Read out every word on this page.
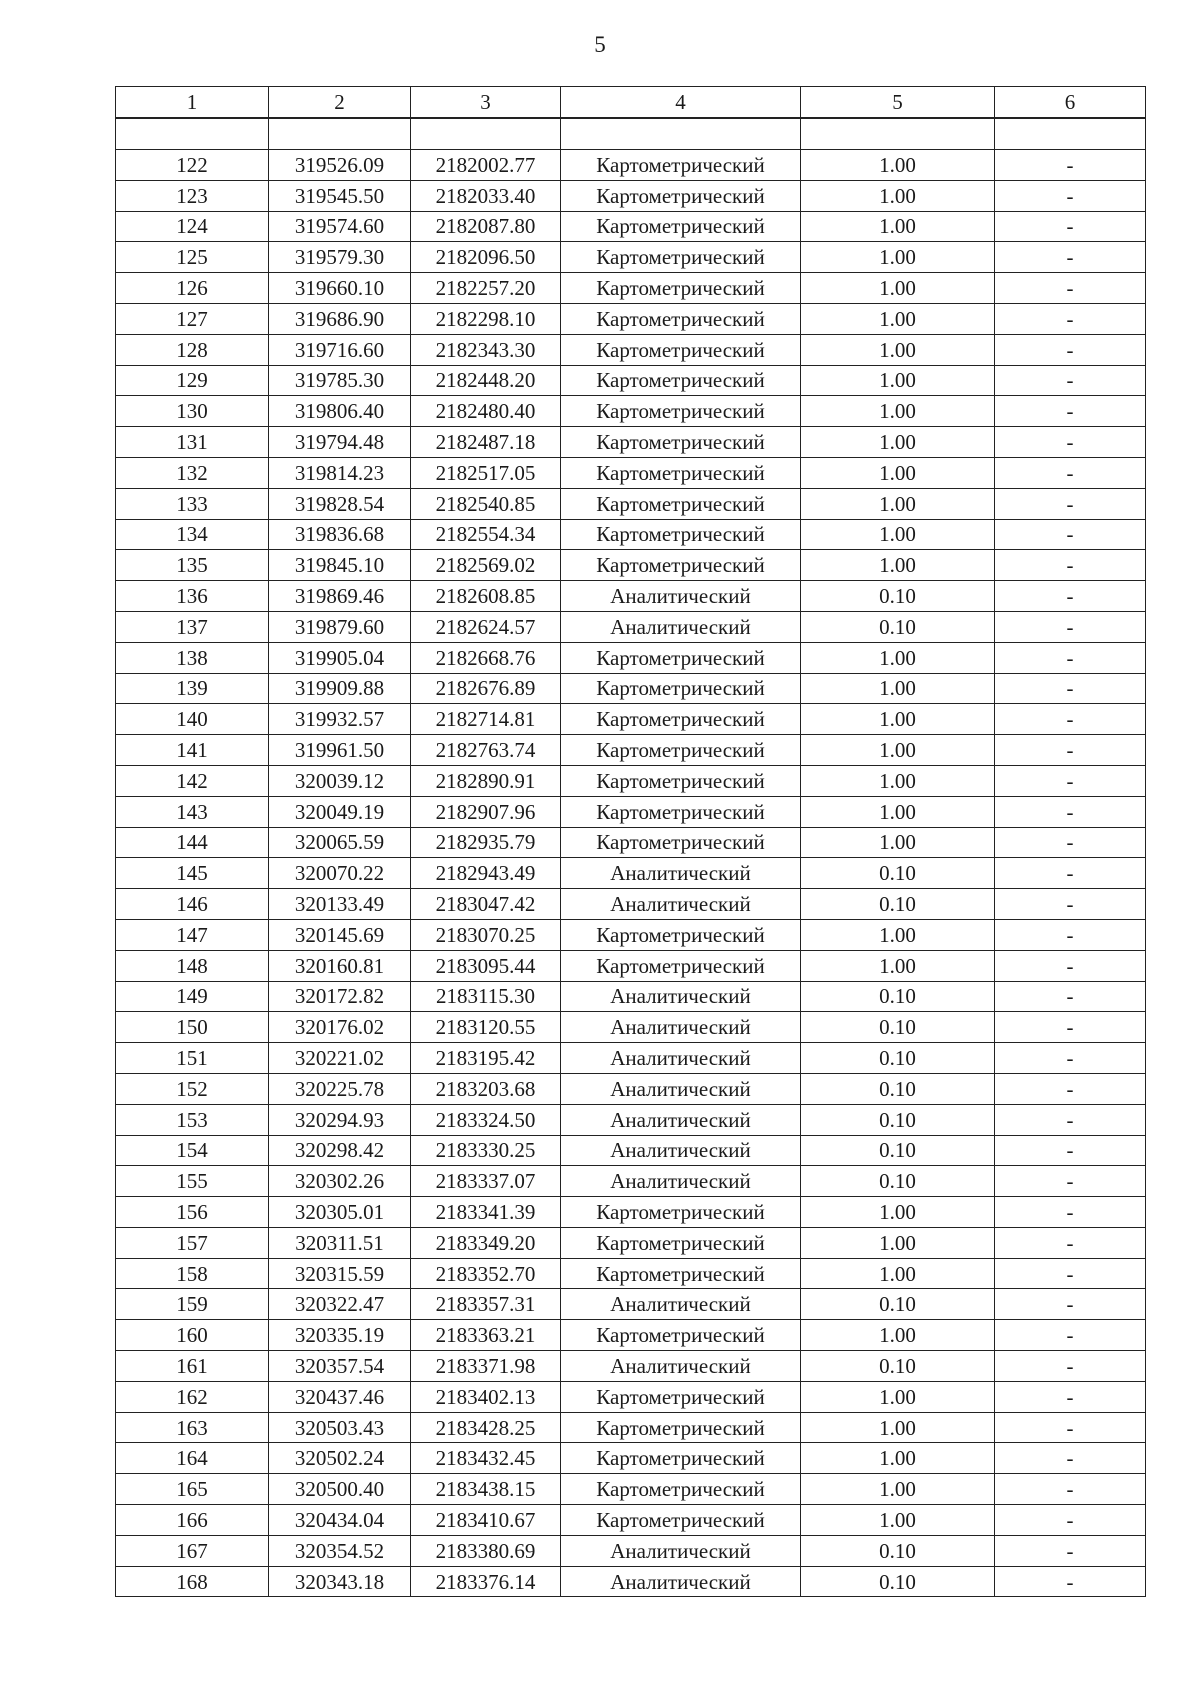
5
1	2	3	4	5	6

122	319526.09	2182002.77	Картометрический	1.00	-
123	319545.50	2182033.40	Картометрический	1.00	-
124	319574.60	2182087.80	Картометрический	1.00	-
125	319579.30	2182096.50	Картометрический	1.00	-
126	319660.10	2182257.20	Картометрический	1.00	-
127	319686.90	2182298.10	Картометрический	1.00	-
128	319716.60	2182343.30	Картометрический	1.00	-
129	319785.30	2182448.20	Картометрический	1.00	-
130	319806.40	2182480.40	Картометрический	1.00	-
131	319794.48	2182487.18	Картометрический	1.00	-
132	319814.23	2182517.05	Картометрический	1.00	-
133	319828.54	2182540.85	Картометрический	1.00	-
134	319836.68	2182554.34	Картометрический	1.00	-
135	319845.10	2182569.02	Картометрический	1.00	-
136	319869.46	2182608.85	Аналитический	0.10	-
137	319879.60	2182624.57	Аналитический	0.10	-
138	319905.04	2182668.76	Картометрический	1.00	-
139	319909.88	2182676.89	Картометрический	1.00	-
140	319932.57	2182714.81	Картометрический	1.00	-
141	319961.50	2182763.74	Картометрический	1.00	-
142	320039.12	2182890.91	Картометрический	1.00	-
143	320049.19	2182907.96	Картометрический	1.00	-
144	320065.59	2182935.79	Картометрический	1.00	-
145	320070.22	2182943.49	Аналитический	0.10	-
146	320133.49	2183047.42	Аналитический	0.10	-
147	320145.69	2183070.25	Картометрический	1.00	-
148	320160.81	2183095.44	Картометрический	1.00	-
149	320172.82	2183115.30	Аналитический	0.10	-
150	320176.02	2183120.55	Аналитический	0.10	-
151	320221.02	2183195.42	Аналитический	0.10	-
152	320225.78	2183203.68	Аналитический	0.10	-
153	320294.93	2183324.50	Аналитический	0.10	-
154	320298.42	2183330.25	Аналитический	0.10	-
155	320302.26	2183337.07	Аналитический	0.10	-
156	320305.01	2183341.39	Картометрический	1.00	-
157	320311.51	2183349.20	Картометрический	1.00	-
158	320315.59	2183352.70	Картометрический	1.00	-
159	320322.47	2183357.31	Аналитический	0.10	-
160	320335.19	2183363.21	Картометрический	1.00	-
161	320357.54	2183371.98	Аналитический	0.10	-
162	320437.46	2183402.13	Картометрический	1.00	-
163	320503.43	2183428.25	Картометрический	1.00	-
164	320502.24	2183432.45	Картометрический	1.00	-
165	320500.40	2183438.15	Картометрический	1.00	-
166	320434.04	2183410.67	Картометрический	1.00	-
167	320354.52	2183380.69	Аналитический	0.10	-
168	320343.18	2183376.14	Аналитический	0.10	-
